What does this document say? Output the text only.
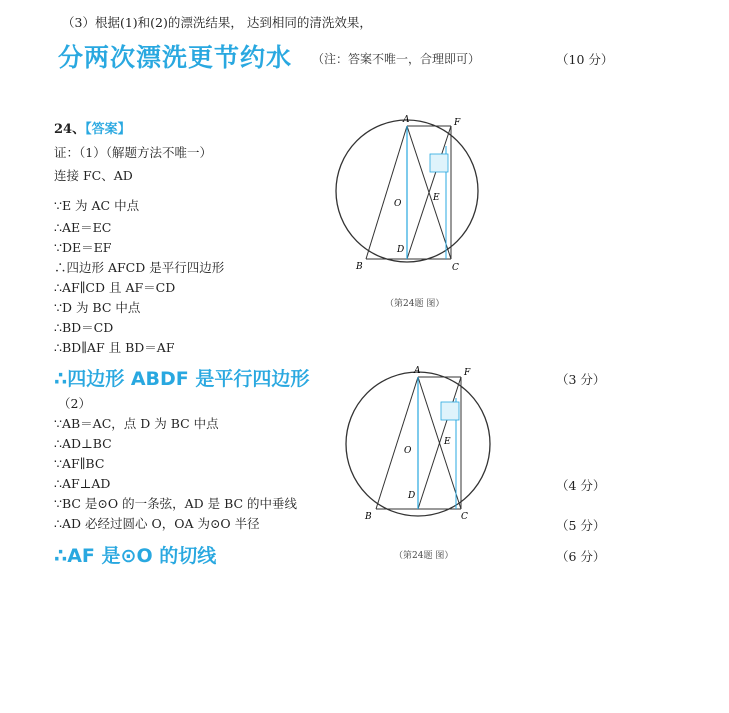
（3）根据(1)和(2)的漂洗结果， 达到相同的清洗效果，
分两次漂洗更节约水 （注：答案不唯一，合理即可）	（10 分）
24、【答案】
证：（1）（解题方法不唯一）
连接 FC、AD
∵E 为 AC 中点
∴AE＝EC
∵DE＝EF
∴四边形 AFCD 是平行四边形
∴AF∥CD 且 AF＝CD
∵D 为 BC 中点
∴BD＝CD
∴BD∥AF 且 BD＝AF
∴四边形 ABDF 是平行四边形	（3 分）
（2）
∵AB＝AC，点 D 为 BC 中点
∴AD⊥BC
∵AF∥BC
∴AF⊥AD
∵BC 是⊙O 的一条弦，AD 是 BC 的中垂线
∴AD 必经过圆心 O，OA 为⊙O 半径
（4 分）
（5 分）
∴AF 是⊙O 的切线	（6 分）
A	F
B	C
D
E
O
（第24题 图）
A	F
B	C
D
E
O
（第24题 图）
